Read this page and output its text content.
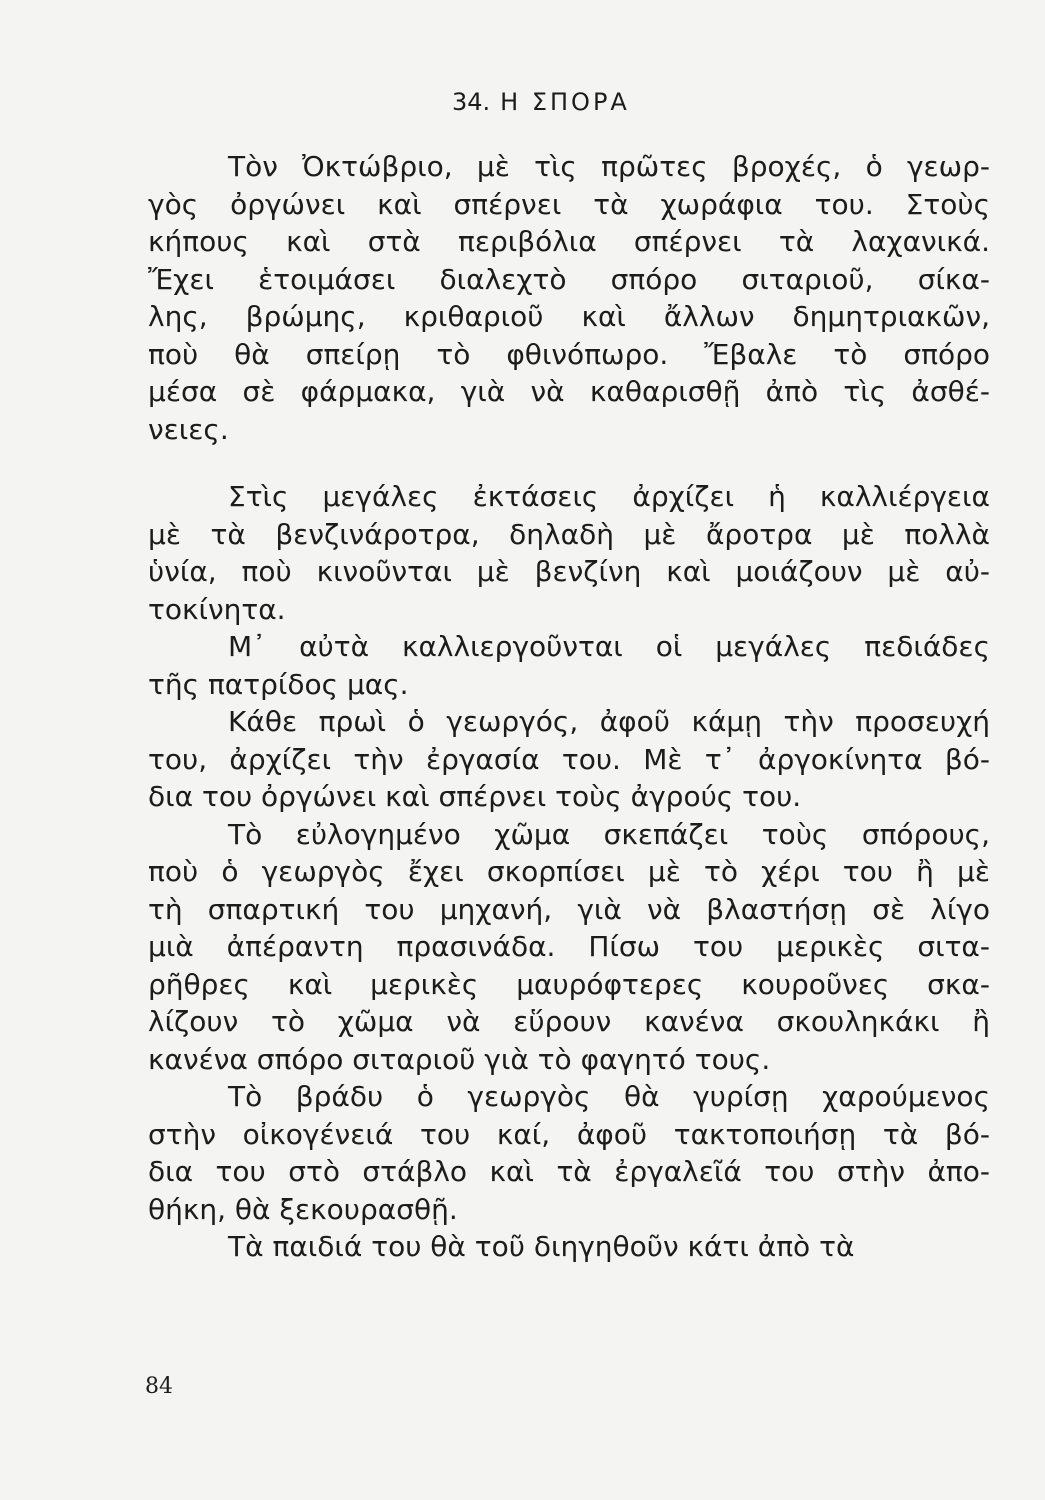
34. Η ΣΠΟΡΑ
Τὸν Ὀκτώβριο, μὲ τὶς πρῶτες βροχές, ὁ γεωρ-
γὸς ὀργώνει καὶ σπέρνει τὰ χωράφια του. Στοὺς
κήπους καὶ στὰ περιβόλια σπέρνει τὰ λαχανικά.
Ἔχει ἑτοιμάσει διαλεχτὸ σπόρο σιταριοῦ, σίκα-
λης, βρώμης, κριθαριοῦ καὶ ἄλλων δημητριακῶν,
ποὺ θὰ σπείρῃ τὸ φθινόπωρο. Ἔβαλε τὸ σπόρο
μέσα σὲ φάρμακα, γιὰ νὰ καθαρισθῇ ἀπὸ τὶς ἀσθέ-
νειες.
Στὶς μεγάλες ἐκτάσεις ἀρχίζει ἡ καλλιέργεια
μὲ τὰ βενζινάροτρα, δηλαδὴ μὲ ἄροτρα μὲ πολλὰ
ὑνία, ποὺ κινοῦνται μὲ βενζίνη καὶ μοιάζουν μὲ αὐ-
τοκίνητα.
Μ᾽ αὐτὰ καλλιεργοῦνται οἱ μεγάλες πεδιάδες
τῆς πατρίδος μας.
Κάθε πρωὶ ὁ γεωργός, ἀφοῦ κάμῃ τὴν προσευχή
του, ἀρχίζει τὴν ἐργασία του. Μὲ τ᾽ ἀργοκίνητα βό-
δια του ὀργώνει καὶ σπέρνει τοὺς ἀγρούς του.
Τὸ εὐλογημένο χῶμα σκεπάζει τοὺς σπόρους,
ποὺ ὁ γεωργὸς ἔχει σκορπίσει μὲ τὸ χέρι του ἢ μὲ
τὴ σπαρτική του μηχανή, γιὰ νὰ βλαστήσῃ σὲ λίγο
μιὰ ἀπέραντη πρασινάδα. Πίσω του μερικὲς σιτα-
ρῆθρες καὶ μερικὲς μαυρόφτερες κουροῦνες σκα-
λίζουν τὸ χῶμα νὰ εὕρουν κανένα σκουληκάκι ἢ
κανένα σπόρο σιταριοῦ γιὰ τὸ φαγητό τους.
Τὸ βράδυ ὁ γεωργὸς θὰ γυρίσῃ χαρούμενος
στὴν οἰκογένειά του καί, ἀφοῦ τακτοποιήσῃ τὰ βό-
δια του στὸ στάβλο καὶ τὰ ἐργαλεῖά του στὴν ἀπο-
θήκη, θὰ ξεκουρασθῇ.
Τὰ παιδιά του θὰ τοῦ διηγηθοῦν κάτι ἀπὸ τὰ
84
